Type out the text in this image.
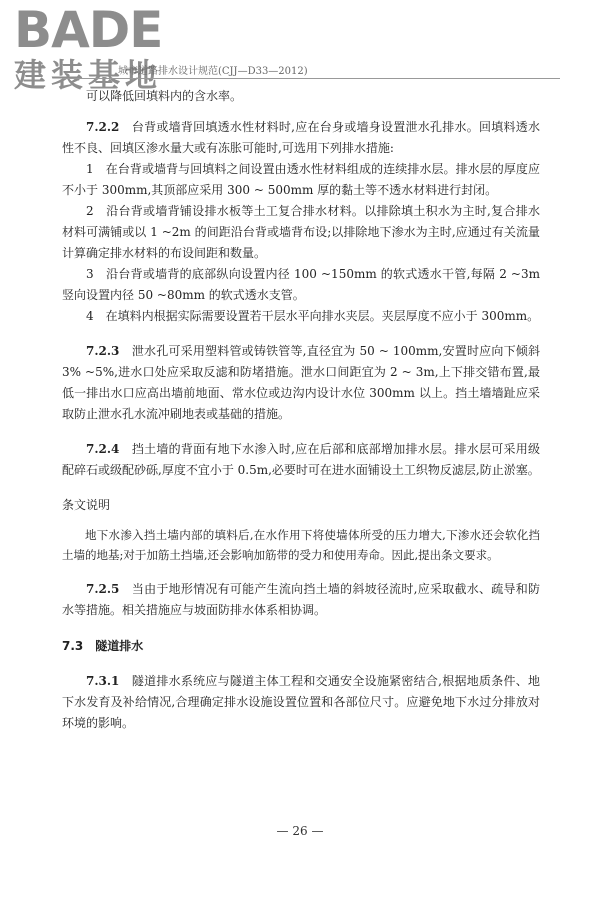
BADE
建装基地
城市道路排水设计规范(CJJ—D33—2012)

可以降低回填料内的含水率。

7.2.2　 台背或墙背回填透水性材料时,应在台身或墙身设置泄水孔排水。回填料透水性不良、回填区渗水量大或有冻胀可能时,可选用下列排水措施:

1　在台背或墙背与回填料之间设置由透水性材料组成的连续排水层。排水层的厚度应不小于 300mm,其顶部应采用 300 ~ 500mm 厚的黏土等不透水材料进行封闭。

2　沿台背或墙背铺设排水板等土工复合排水材料。以排除填土积水为主时,复合排水材料可满铺或以 1 ~2m 的间距沿台背或墙背布设;以排除地下渗水为主时,应通过有关流量计算确定排水材料的布设间距和数量。

3　沿台背或墙背的底部纵向设置内径 100 ~150mm 的软式透水干管,每隔 2 ~3m 竖向设置内径 50 ~80mm 的软式透水支管。

4　在填料内根据实际需要设置若干层水平向排水夹层。夹层厚度不应小于 300mm。

7.2.3　 泄水孔可采用塑料管或铸铁管等,直径宜为 50 ~ 100mm,安置时应向下倾斜 3% ~5%,进水口处应采取反滤和防堵措施。泄水口间距宜为 2 ~ 3m,上下排交错布置,最低一排出水口应高出墙前地面、常水位或边沟内设计水位 300mm 以上。挡土墙墙趾应采取防止泄水孔水流冲刷地表或基础的措施。

7.2.4　 挡土墙的背面有地下水渗入时,应在后部和底部增加排水层。排水层可采用级配碎石或级配砂砾,厚度不宜小于 0.5m,必要时可在进水面铺设土工织物反滤层,防止淤塞。

条文说明

地下水渗入挡土墙内部的填料后,在水作用下将使墙体所受的压力增大,下渗水还会软化挡土墙的地基;对于加筋土挡墙,还会影响加筋带的受力和使用寿命。因此,提出条文要求。

7.2.5　 当由于地形情况有可能产生流向挡土墙的斜坡径流时,应采取截水、疏导和防水等措施。相关措施应与坡面防排水体系相协调。

7.3　 隧道排水

7.3.1　 隧道排水系统应与隧道主体工程和交通安全设施紧密结合,根据地质条件、地下水发育及补给情况,合理确定排水设施设置位置和各部位尺寸。应避免地下水过分排放对环境的影响。

— 26 —
